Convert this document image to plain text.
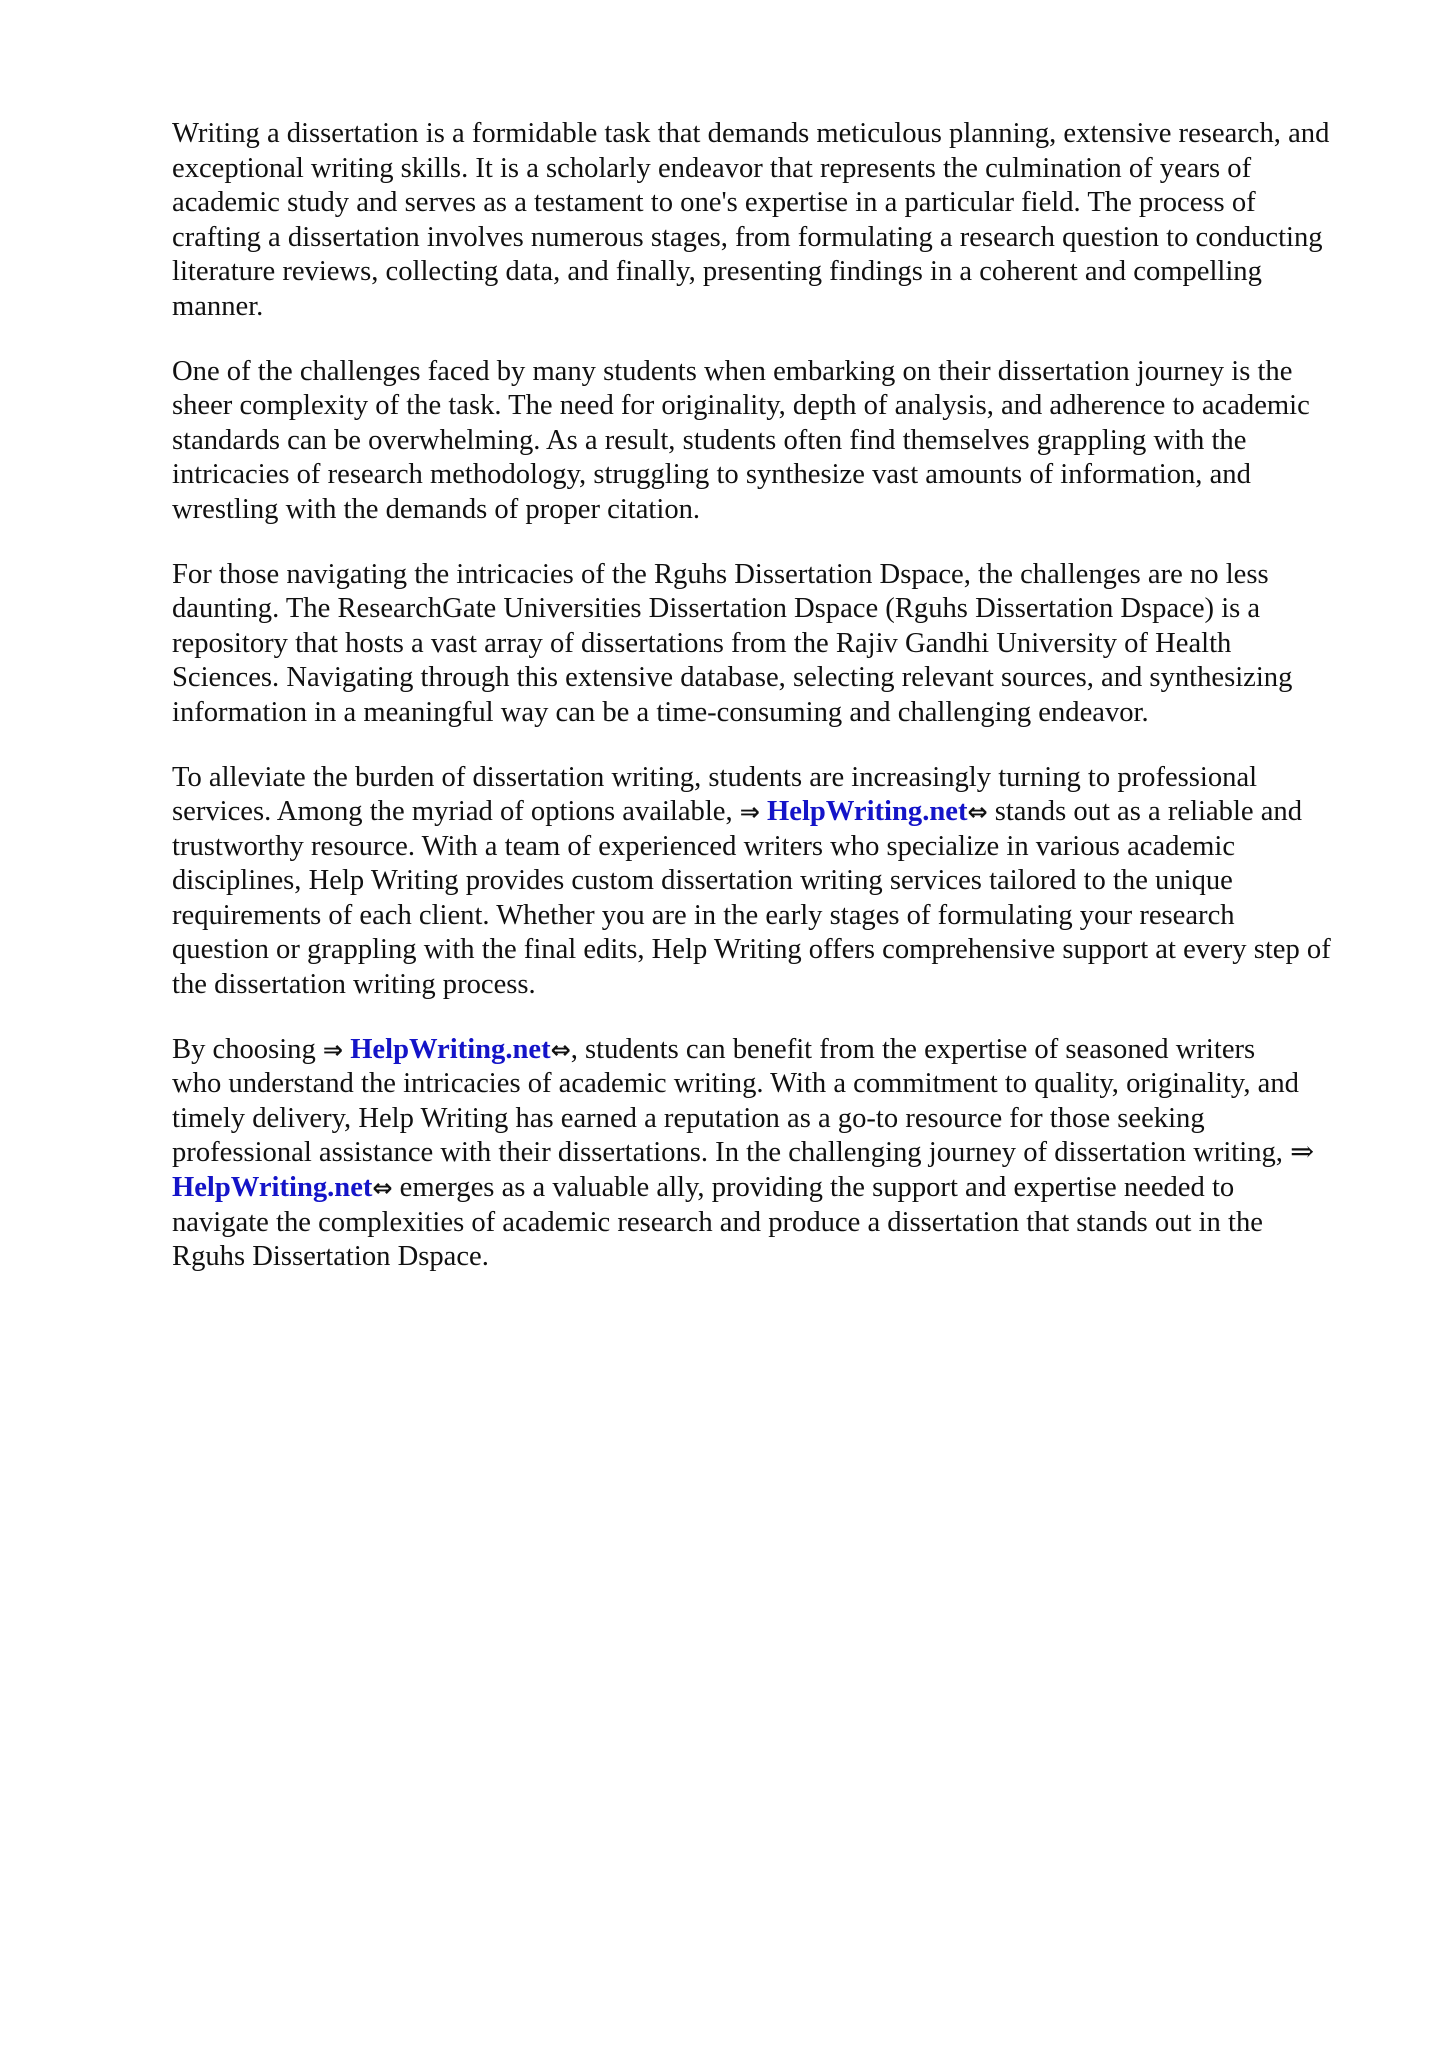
Writing a dissertation is a formidable task that demands meticulous planning, extensive research, and
exceptional writing skills. It is a scholarly endeavor that represents the culmination of years of
academic study and serves as a testament to one's expertise in a particular field. The process of
crafting a dissertation involves numerous stages, from formulating a research question to conducting
literature reviews, collecting data, and finally, presenting findings in a coherent and compelling
manner.

One of the challenges faced by many students when embarking on their dissertation journey is the
sheer complexity of the task. The need for originality, depth of analysis, and adherence to academic
standards can be overwhelming. As a result, students often find themselves grappling with the
intricacies of research methodology, struggling to synthesize vast amounts of information, and
wrestling with the demands of proper citation.

For those navigating the intricacies of the Rguhs Dissertation Dspace, the challenges are no less
daunting. The ResearchGate Universities Dissertation Dspace (Rguhs Dissertation Dspace) is a
repository that hosts a vast array of dissertations from the Rajiv Gandhi University of Health
Sciences. Navigating through this extensive database, selecting relevant sources, and synthesizing
information in a meaningful way can be a time-consuming and challenging endeavor.

To alleviate the burden of dissertation writing, students are increasingly turning to professional
services. Among the myriad of options available, ⇒ HelpWriting.net⇔ stands out as a reliable and
trustworthy resource. With a team of experienced writers who specialize in various academic
disciplines, Help Writing provides custom dissertation writing services tailored to the unique
requirements of each client. Whether you are in the early stages of formulating your research
question or grappling with the final edits, Help Writing offers comprehensive support at every step of
the dissertation writing process.

By choosing ⇒ HelpWriting.net⇔, students can benefit from the expertise of seasoned writers
who understand the intricacies of academic writing. With a commitment to quality, originality, and
timely delivery, Help Writing has earned a reputation as a go-to resource for those seeking
professional assistance with their dissertations. In the challenging journey of dissertation writing, ⇒
HelpWriting.net⇔ emerges as a valuable ally, providing the support and expertise needed to
navigate the complexities of academic research and produce a dissertation that stands out in the
Rguhs Dissertation Dspace.
